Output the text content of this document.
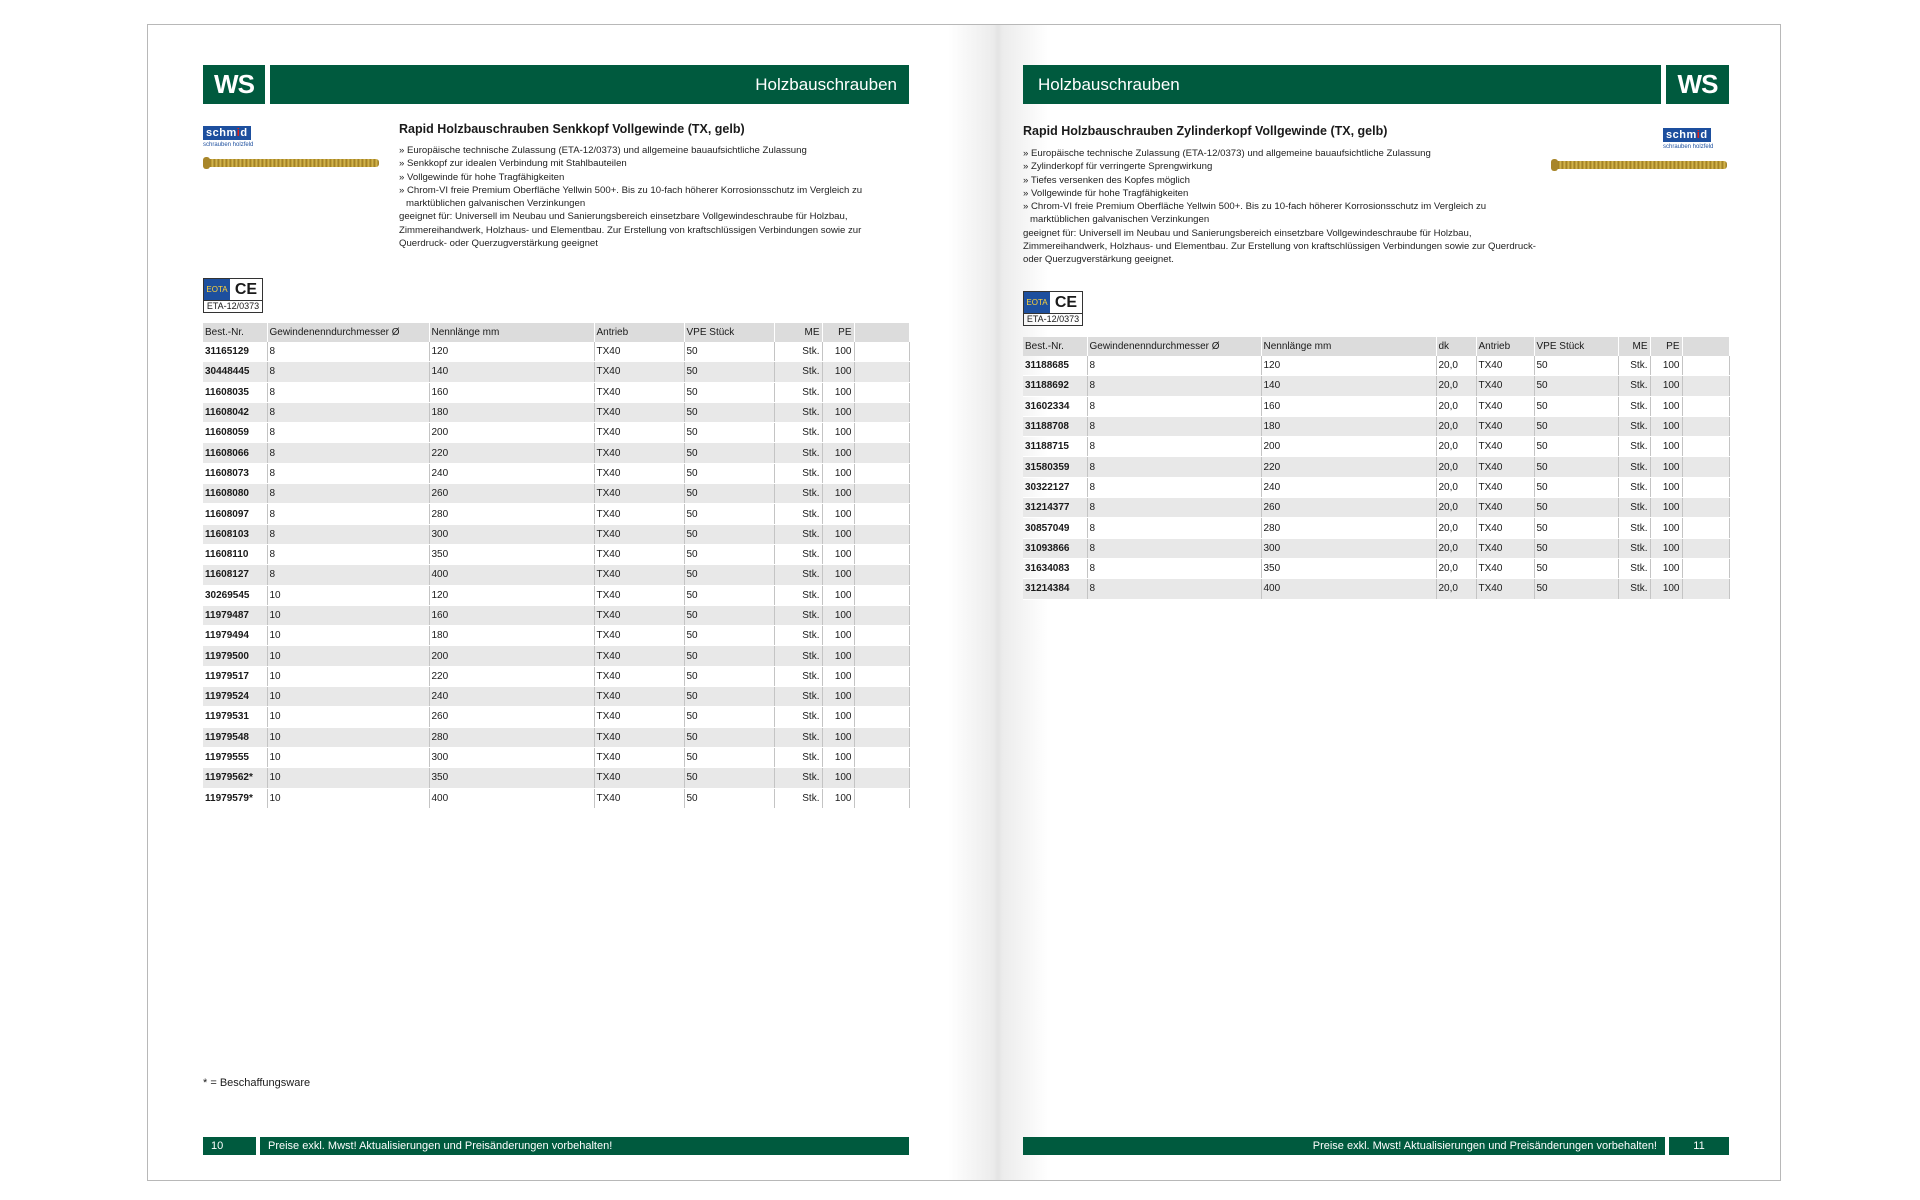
WS	Holzbauschrauben
schmid
schrauben holzfeld
Rapid Holzbauschrauben Senkkopf Vollgewinde (TX, gelb)

» Europäische technische Zulassung (ETA-12/0373) und allgemeine bauaufsichtliche Zulassung

» Senkkopf zur idealen Verbindung mit Stahlbauteilen

» Vollgewinde für hohe Tragfähigkeiten

» Chrom-VI freie Premium Oberfläche Yellwin 500+. Bis zu 10-fach höherer Korrosionsschutz im Vergleich zu

marktüblichen galvanischen Verzinkungen

geeignet für: Universell im Neubau und Sanierungsbereich einsetzbare Vollgewindeschraube für Holzbau, Zimmereihandwerk, Holzhaus- und Elementbau. Zur Erstellung von kraftschlüssigen Verbindungen sowie zur Querdruck- oder Querzugverstärkung geeignet

EOTA CE
ETA-12/0373
Best.-Nr.	Gewindenenndurchmesser Ø	Nennlänge mm	Antrieb	VPE Stück	ME	PE	
31165129	8	120	TX40	50	Stk.	100	
30448445	8	140	TX40	50	Stk.	100	
11608035	8	160	TX40	50	Stk.	100	
11608042	8	180	TX40	50	Stk.	100	
11608059	8	200	TX40	50	Stk.	100	
11608066	8	220	TX40	50	Stk.	100	
11608073	8	240	TX40	50	Stk.	100	
11608080	8	260	TX40	50	Stk.	100	
11608097	8	280	TX40	50	Stk.	100	
11608103	8	300	TX40	50	Stk.	100	
11608110	8	350	TX40	50	Stk.	100	
11608127	8	400	TX40	50	Stk.	100	
30269545	10	120	TX40	50	Stk.	100	
11979487	10	160	TX40	50	Stk.	100	
11979494	10	180	TX40	50	Stk.	100	
11979500	10	200	TX40	50	Stk.	100	
11979517	10	220	TX40	50	Stk.	100	
11979524	10	240	TX40	50	Stk.	100	
11979531	10	260	TX40	50	Stk.	100	
11979548	10	280	TX40	50	Stk.	100	
11979555	10	300	TX40	50	Stk.	100	
11979562*	10	350	TX40	50	Stk.	100	
11979579*	10	400	TX40	50	Stk.	100	
* = Beschaffungsware
10	Preise exkl. Mwst! Aktualisierungen und Preisänderungen vorbehalten!
Holzbauschrauben	WS
Rapid Holzbauschrauben Zylinderkopf Vollgewinde (TX, gelb)

» Europäische technische Zulassung (ETA-12/0373) und allgemeine bauaufsichtliche Zulassung

» Zylinderkopf für verringerte Sprengwirkung

» Tiefes versenken des Kopfes möglich

» Vollgewinde für hohe Tragfähigkeiten

» Chrom-VI freie Premium Oberfläche Yellwin 500+. Bis zu 10-fach höherer Korrosionsschutz im Vergleich zu

marktüblichen galvanischen Verzinkungen

geeignet für: Universell im Neubau und Sanierungsbereich einsetzbare Vollgewindeschraube für Holzbau, Zimmereihandwerk, Holzhaus- und Elementbau. Zur Erstellung von kraftschlüssigen Verbindungen sowie zur Querdruck- oder Querzugverstärkung geeignet.

schmid
schrauben holzfeld
EOTA CE
ETA-12/0373
Best.-Nr.	Gewindenenndurchmesser Ø	Nennlänge mm	dk	Antrieb	VPE Stück	ME	PE	
31188685	8	120	20,0	TX40	50	Stk.	100	
31188692	8	140	20,0	TX40	50	Stk.	100	
31602334	8	160	20,0	TX40	50	Stk.	100	
31188708	8	180	20,0	TX40	50	Stk.	100	
31188715	8	200	20,0	TX40	50	Stk.	100	
31580359	8	220	20,0	TX40	50	Stk.	100	
30322127	8	240	20,0	TX40	50	Stk.	100	
31214377	8	260	20,0	TX40	50	Stk.	100	
30857049	8	280	20,0	TX40	50	Stk.	100	
31093866	8	300	20,0	TX40	50	Stk.	100	
31634083	8	350	20,0	TX40	50	Stk.	100	
31214384	8	400	20,0	TX40	50	Stk.	100	
Preise exkl. Mwst! Aktualisierungen und Preisänderungen vorbehalten!	11
